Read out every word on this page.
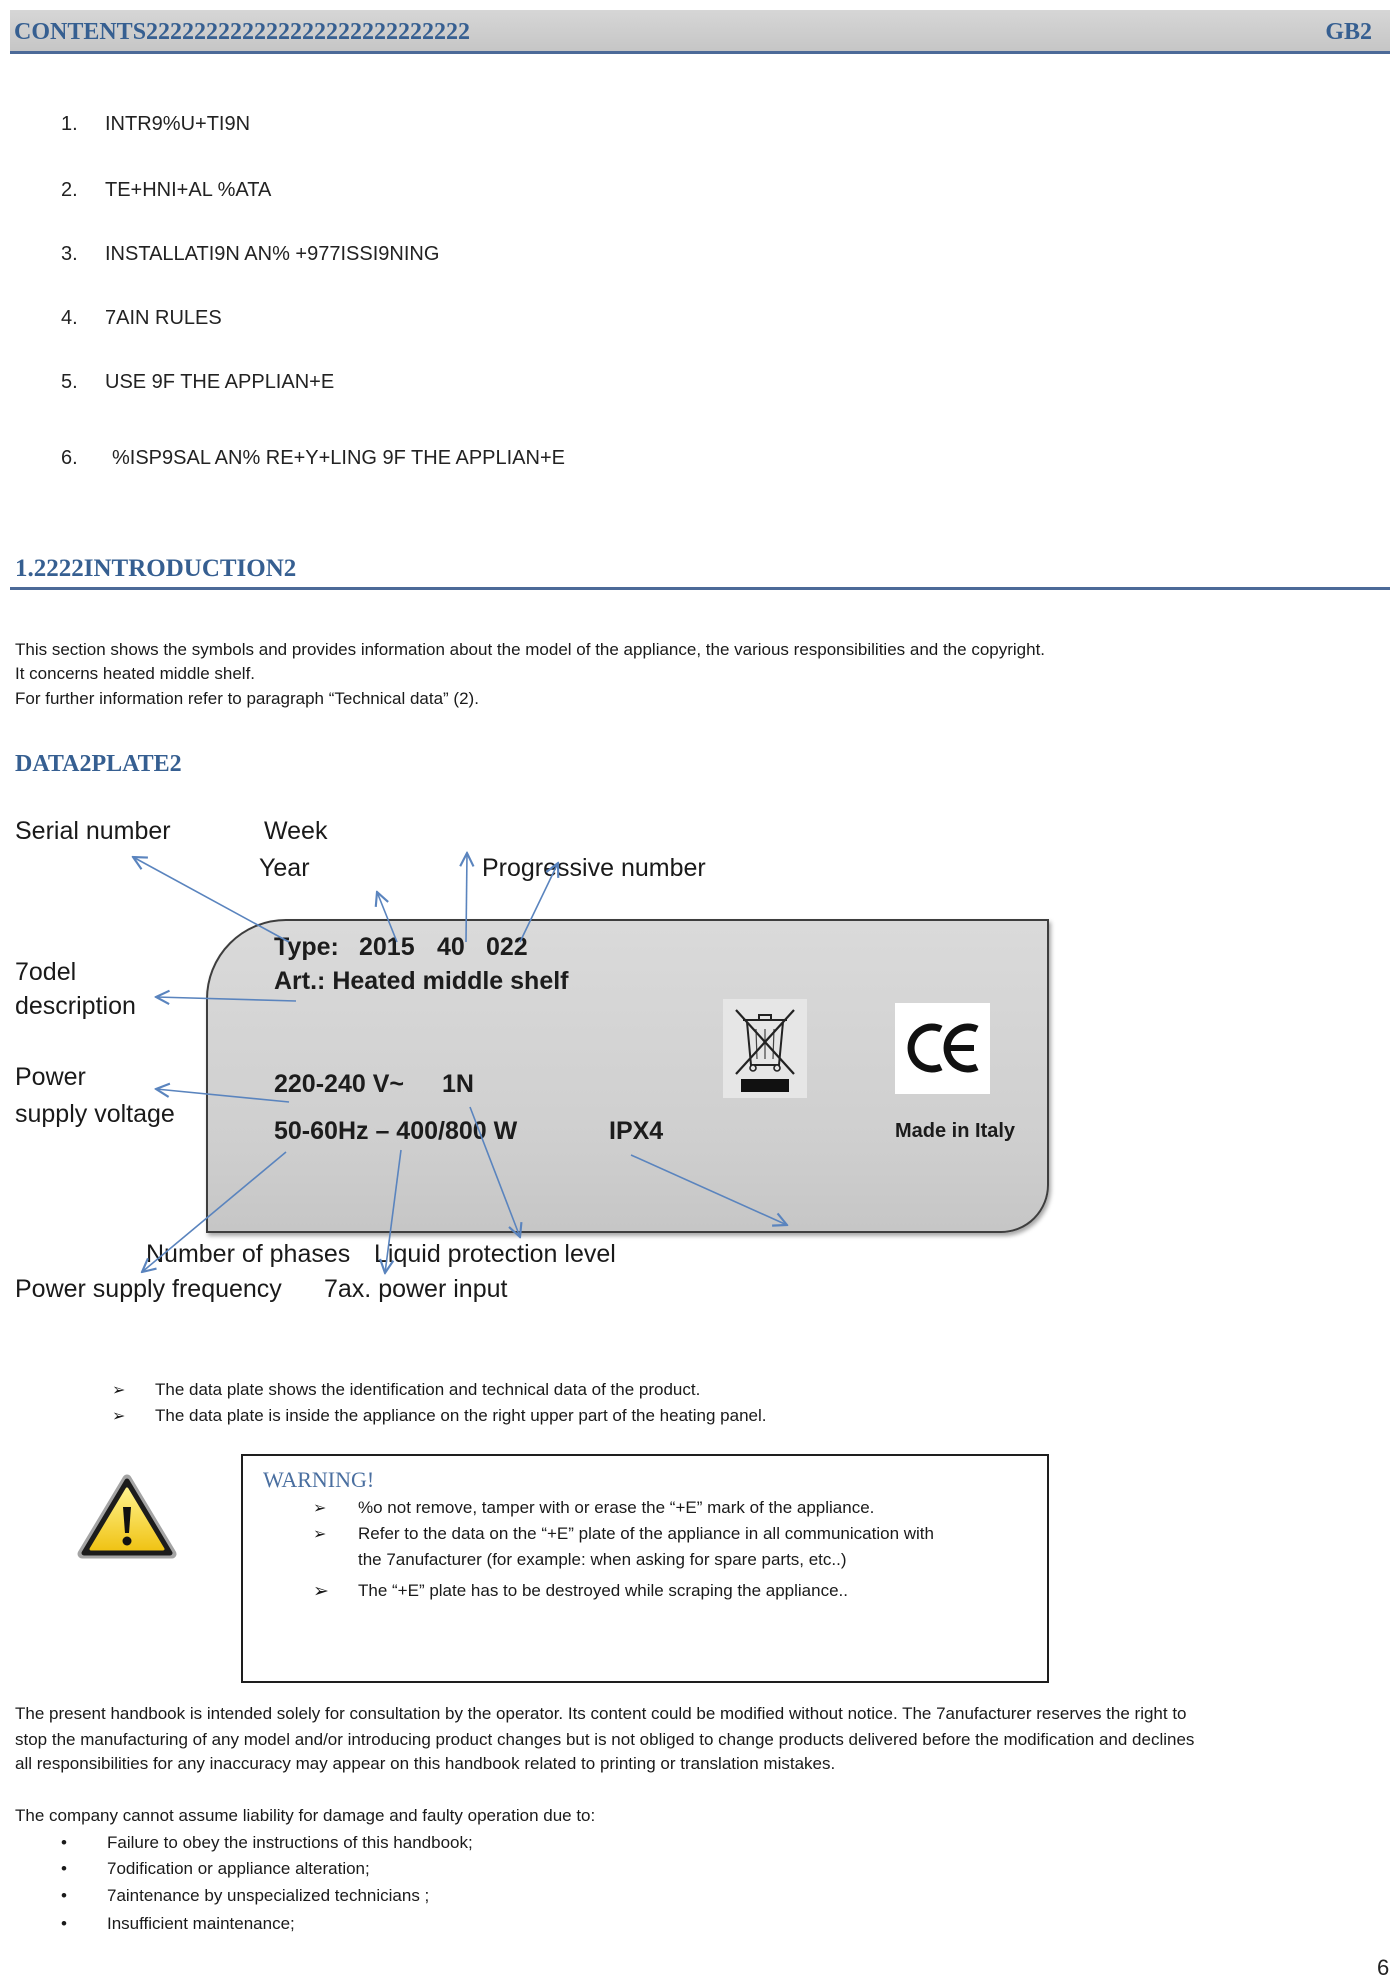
CONTENTS222222222222222222222222222	GB2
1. INTR9%U+TI9N
2. TE+HNI+AL %ATA
3. INSTALLATI9N AN% +977ISSI9NING
4. 7AIN RULES
5. USE 9F THE APPLIAN+E
6. %ISP9SAL AN% RE+Y+LING 9F THE APPLIAN+E
1.2222INTRODUCTION2
This section shows the symbols and provides information about the model of the appliance, the various responsibilities and the copyright.
It concerns heated middle shelf.
For further information refer to paragraph “Technical data” (2).
DATA2PLATE2
Type: 2015 40 022
Art.: Heated middle shelf
220-240 V~ 1N
50-60Hz – 400/800 W	IPX4	Made in Italy
Serial number	Week
Year	Progressive number
7odel
description
Power
supply voltage
Number of phases Liquid protection level
Power supply frequency 7ax. power input
➢ The data plate shows the identification and technical data of the product.
➢ The data plate is inside the appliance on the right upper part of the heating panel.
WARNING!
➢ %o not remove, tamper with or erase the “+E” mark of the appliance.
➢ Refer to the data on the “+E” plate of the appliance in all communication with
the 7anufacturer (for example: when asking for spare parts, etc..)
➢ The “+E” plate has to be destroyed while scraping the appliance..
The present handbook is intended solely for consultation by the operator. Its content could be modified without notice. The 7anufacturer reserves the right to
stop the manufacturing of any model and/or introducing product changes but is not obliged to change products delivered before the modification and declines
all responsibilities for any inaccuracy may appear on this handbook related to printing or translation mistakes.
The company cannot assume liability for damage and faulty operation due to:
• Failure to obey the instructions of this handbook;
• 7odification or appliance alteration;
• 7aintenance by unspecialized technicians ;
• Insufficient maintenance;
6
